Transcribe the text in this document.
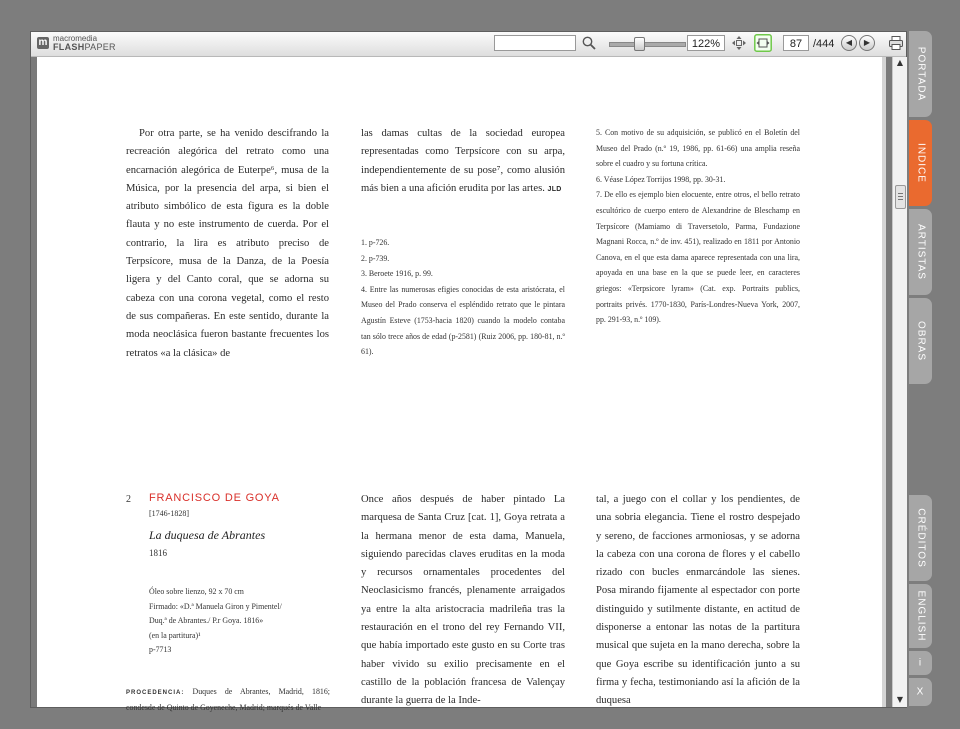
m macromedia
FLASHPAPER	122%	87 /444	◀	▶

Por otra parte, se ha venido descifrando la recreación alegórica del retrato como una encarnación alegórica de Euterpe⁶, musa de la Música, por la presencia del arpa, si bien el atributo simbólico de esta figura es la doble flauta y no este instrumento de cuerda. Por el contrario, la lira es atributo preciso de Terpsícore, musa de la Danza, de la Poesía ligera y del Canto coral, que se adorna su cabeza con una corona vegetal, como el resto de sus compañeras. En este sentido, durante la moda neoclásica fueron bastante frecuentes los retratos «a la clásica» de

las damas cultas de la sociedad europea representadas como Terpsícore con su arpa, independientemente de su pose⁷, como alusión más bien a una afición erudita por las artes. JLD

1. p-726.

2. p-739.

3. Beroete 1916, p. 99.

4. Entre las numerosas efigies conocidas de esta aristócrata, el Museo del Prado conserva el espléndido retrato que le pintara Agustín Esteve (1753-hacia 1820) cuando la modelo contaba tan sólo trece años de edad (p-2581) (Ruiz 2006, pp. 180-81, n.º 61).

5. Con motivo de su adquisición, se publicó en el Boletín del Museo del Prado (n.º 19, 1986, pp. 61-66) una amplia reseña sobre el cuadro y su fortuna crítica.

6. Véase López Torrijos 1998, pp. 30-31.

7. De ello es ejemplo bien elocuente, entre otros, el bello retrato escultórico de cuerpo entero de Alexandrine de Bleschamp en Terpsícore (Mamiamo di Traversetolo, Parma, Fundazione Magnani Rocca, n.º de inv. 451), realizado en 1811 por Antonio Canova, en el que esta dama aparece representada con una lira, apoyada en una base en la que se puede leer, en caracteres griegos: «Terpsicore lyram» (Cat. exp. Portraits publics, portraits privés. 1770-1830, París-Londres-Nueva York, 2007, pp. 291-93, n.º 109).

2 FRANCISCO DE GOYA
[1746-1828]
La duquesa de Abrantes
1816
Óleo sobre lienzo, 92 x 70 cm
Firmado: «D.ª Manuela Giron y Pimentel/
Duq.ª de Abrantes./ P.r Goya. 1816»
(en la partitura)¹
p-7713
PROCEDENCIA: Duques de Abrantes, Madrid, 1816; condesde de Quinto de Goyeneche, Madrid; marqués de Valle

Once años después de haber pintado La marquesa de Santa Cruz [cat. 1], Goya retrata a la hermana menor de esta dama, Manuela, siguiendo parecidas claves eruditas en la moda y recursos ornamentales procedentes del Neoclasicismo francés, plenamente arraigados ya entre la alta aristocracia madrileña tras la restauración en el trono del rey Fernando VII, que había importado este gusto en su Corte tras haber vivido su exilio precisamente en el castillo de la población francesa de Valençay durante la guerra de la Inde-

tal, a juego con el collar y los pendientes, de una sobria elegancia. Tiene el rostro despejado y sereno, de facciones armoniosas, y se adorna la cabeza con una corona de flores y el cabello rizado con bucles enmarcándole las sienes. Posa mirando fijamente al espectador con porte distinguido y sutilmente distante, en actitud de disponerse a entonar las notas de la partitura musical que sujeta en la mano derecha, sobre la que Goya escribe su identificación junto a su firma y fecha, testimoniando así la afición de la duquesa

▲
▼
PORTADA
INDICE
ARTISTAS
OBRAS
CRÉDITOS
ENGLISH
i
X
